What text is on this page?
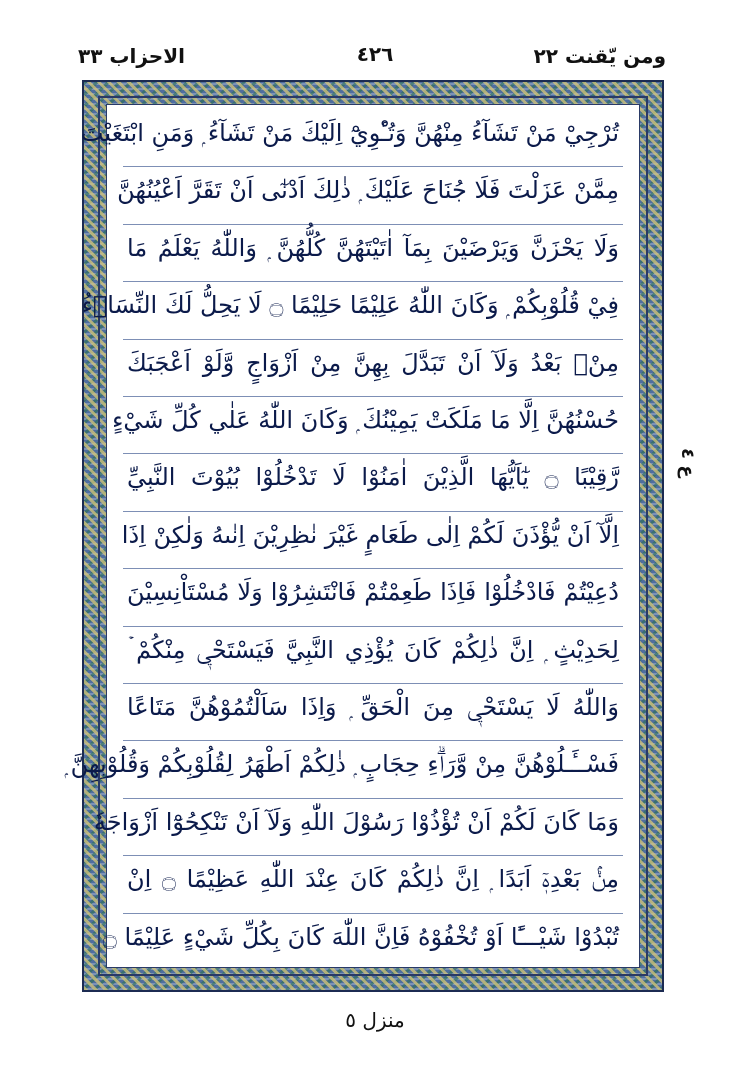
الاحزاب ٣٣	٤٢٦	ومن يّقنت ٢٢
تُرْجِيْ مَنْ تَشَآءُ مِنْهُنَّ وَتُـْٔوِيْٓ اِلَيْكَ مَنْ تَشَآءُ ۭ وَمَنِ ابْتَغَيْتَ
مِمَّنْ عَزَلْتَ فَلَا جُنَاحَ عَلَيْكَ ۭ ذٰلِكَ اَدْنٰٓى اَنْ تَقَرَّ اَعْيُنُهُنَّ
وَلَا يَحْزَنَّ وَيَرْضَيْنَ بِمَآ اٰتَيْتَهُنَّ كُلُّهُنَّ ۭ وَاللّٰهُ يَعْلَمُ مَا
فِيْ قُلُوْبِكُمْ ۭ وَكَانَ اللّٰهُ عَلِيْمًا حَلِيْمًا ۝ لَا يَحِلُّ لَكَ النِّسَاۗءُ
مِنْۢ بَعْدُ وَلَآ اَنْ تَبَدَّلَ بِهِنَّ مِنْ اَزْوَاجٍ وَّلَوْ اَعْجَبَكَ
حُسْنُهُنَّ اِلَّا مَا مَلَكَتْ يَمِيْنُكَ ۭ وَكَانَ اللّٰهُ عَلٰي كُلِّ شَيْءٍ
رَّقِيْبًا ۝ يٰٓاَيُّهَا الَّذِيْنَ اٰمَنُوْا لَا تَدْخُلُوْا بُيُوْتَ النَّبِيِّ
اِلَّآ اَنْ يُّؤْذَنَ لَكُمْ اِلٰى طَعَامٍ غَيْرَ نٰظِرِيْنَ اِنٰىهُ وَلٰكِنْ اِذَا
دُعِيْتُمْ فَادْخُلُوْا فَاِذَا طَعِمْتُمْ فَانْتَشِرُوْا وَلَا مُسْتَاْنِسِيْنَ
لِحَدِيْثٍ ۭ اِنَّ ذٰلِكُمْ كَانَ يُؤْذِي النَّبِيَّ فَيَسْتَحْيٖ مِنْكُمْ ۡ
وَاللّٰهُ لَا يَسْتَحْيٖ مِنَ الْحَقِّ ۭ وَاِذَا سَاَلْتُمُوْهُنَّ مَتَاعًا
فَسْــَٔـلُوْهُنَّ مِنْ وَّرَاۗءِ حِجَابٍ ۭ ذٰلِكُمْ اَطْهَرُ لِقُلُوْبِكُمْ وَقُلُوْبِهِنَّ ۭ
وَمَا كَانَ لَكُمْ اَنْ تُؤْذُوْا رَسُوْلَ اللّٰهِ وَلَآ اَنْ تَنْكِحُوْٓا اَزْوَاجَهٗ
مِنْۢ بَعْدِهٖٓ اَبَدًا ۭ اِنَّ ذٰلِكُمْ كَانَ عِنْدَ اللّٰهِ عَظِيْمًا ۝ اِنْ
تُبْدُوْا شَيْـــًٔا اَوْ تُخْفُوْهُ فَاِنَّ اللّٰهَ كَانَ بِكُلِّ شَيْءٍ عَلِيْمًا ۝
ع ٤
منزل ٥
